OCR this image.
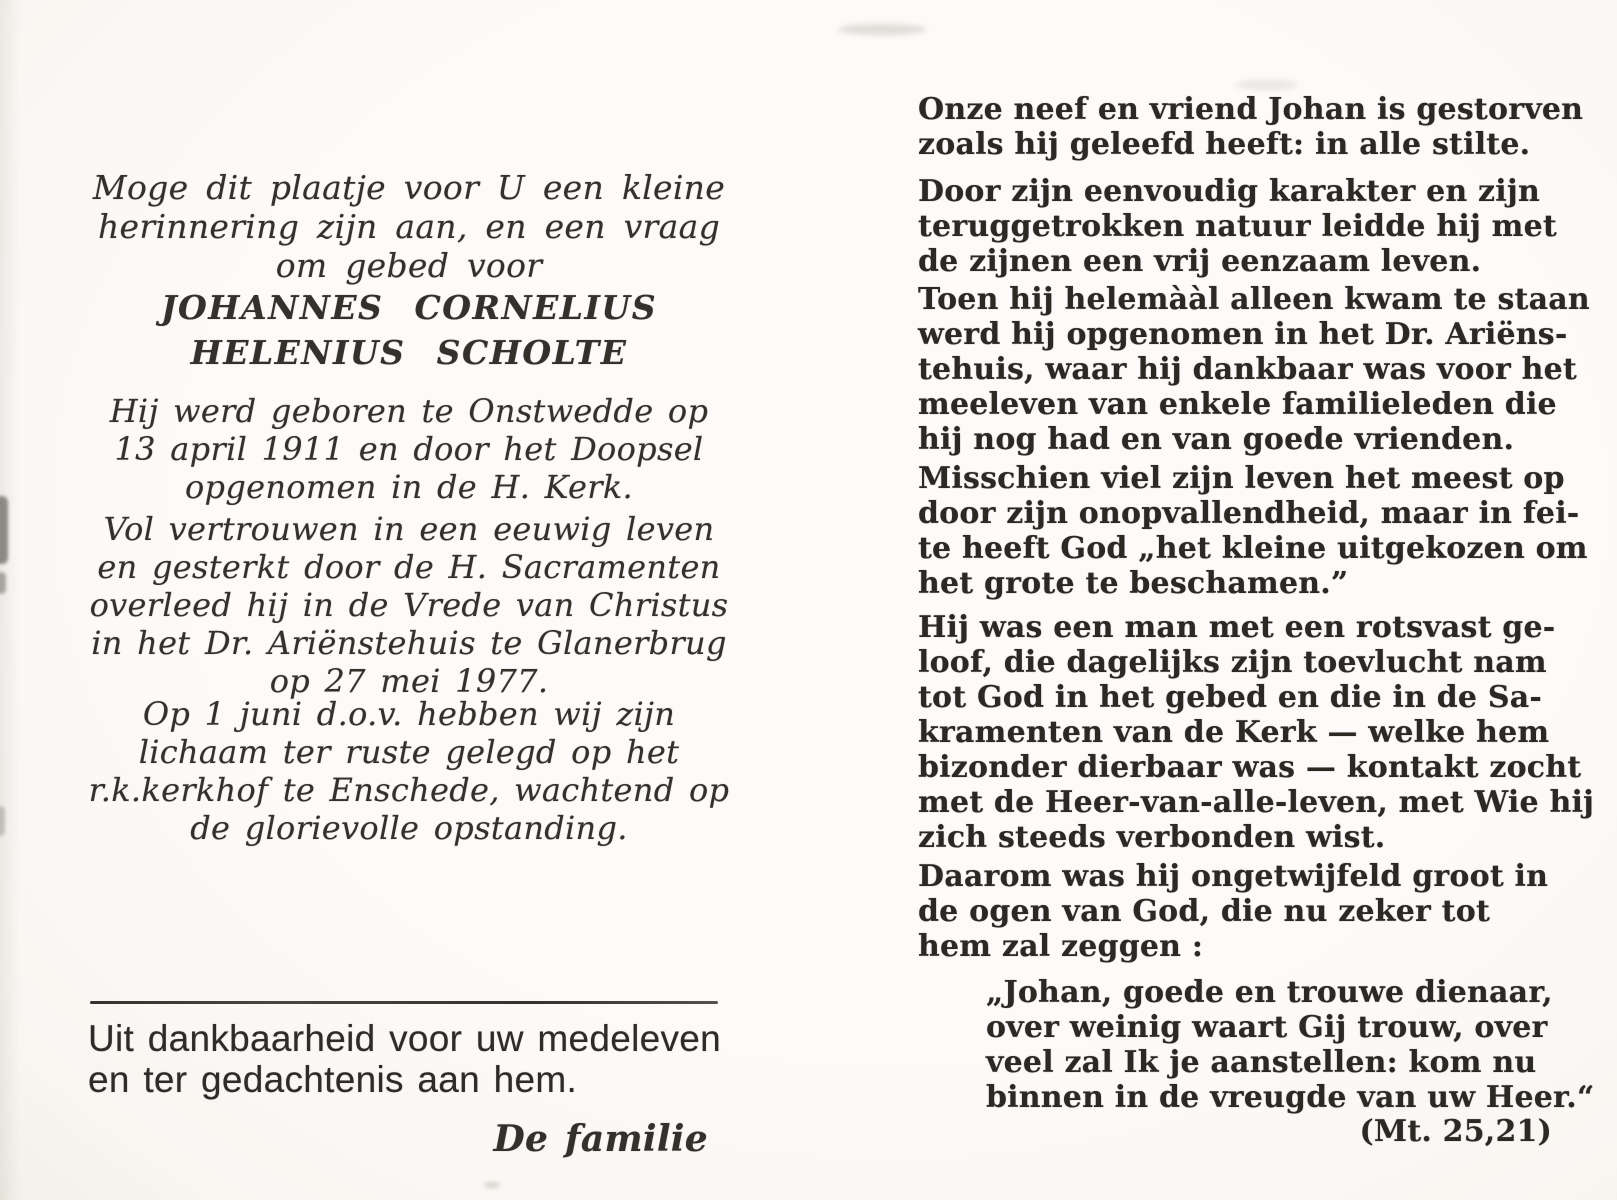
Moge dit plaatje voor U een kleine
herinnering zijn aan, en een vraag
om gebed voor
JOHANNES CORNELIUS
HELENIUS SCHOLTE
Hij werd geboren te Onstwedde op
13 april 1911 en door het Doopsel
opgenomen in de H. Kerk.
Vol vertrouwen in een eeuwig leven
en gesterkt door de H. Sacramenten
overleed hij in de Vrede van Christus
in het Dr. Ariënstehuis te Glanerbrug
op 27 mei 1977.
Op 1 juni d.o.v. hebben wij zijn
lichaam ter ruste gelegd op het
r.k.kerkhof te Enschede, wachtend op
de glorievolle opstanding.
Uit dankbaarheid voor uw medeleven
en ter gedachtenis aan hem.
De familie
Onze neef en vriend Johan is gestorven
zoals hij geleefd heeft: in alle stilte.
Door zijn eenvoudig karakter en zijn
teruggetrokken natuur leidde hij met
de zijnen een vrij eenzaam leven.
Toen hij helemààl alleen kwam te staan
werd hij opgenomen in het Dr. Ariëns-
tehuis, waar hij dankbaar was voor het
meeleven van enkele familieleden die
hij nog had en van goede vrienden.
Misschien viel zijn leven het meest op
door zijn onopvallendheid, maar in fei-
te heeft God „het kleine uitgekozen om
het grote te beschamen.”
Hij was een man met een rotsvast ge-
loof, die dagelijks zijn toevlucht nam
tot God in het gebed en die in de Sa-
kramenten van de Kerk — welke hem
bizonder dierbaar was — kontakt zocht
met de Heer-van-alle-leven, met Wie hij
zich steeds verbonden wist.
Daarom was hij ongetwijfeld groot in
de ogen van God, die nu zeker tot
hem zal zeggen :
„Johan, goede en trouwe dienaar,
over weinig waart Gij trouw, over
veel zal Ik je aanstellen: kom nu
binnen in de vreugde van uw Heer.“
(Mt. 25,21)
